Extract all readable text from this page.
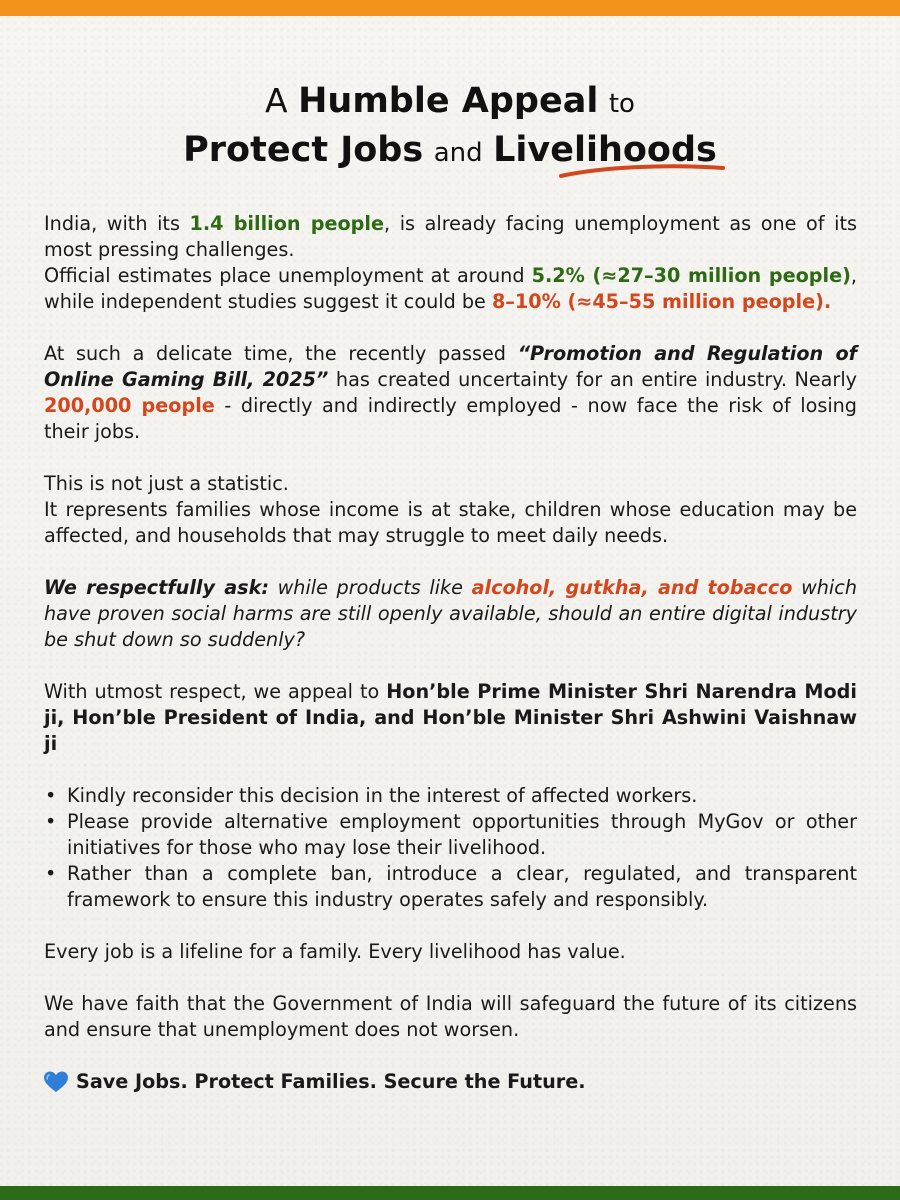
A Humble Appeal to
Protect Jobs and Livelihoods

India, with its 1.4 billion people, is already facing unemployment as one of its most pressing challenges.

Official estimates place unemployment at around 5.2% (≈27–30 million people), while independent studies suggest it could be 8–10% (≈45–55 million people).

At such a delicate time, the recently passed “Promotion and Regulation of Online Gaming Bill, 2025” has created uncertainty for an entire industry. Nearly 200,000 people - directly and indirectly employed - now face the risk of losing their jobs.

This is not just a statistic.

It represents families whose income is at stake, children whose education may be affected, and households that may struggle to meet daily needs.

We respectfully ask: while products like alcohol, gutkha, and tobacco which have proven social harms are still openly available, should an entire digital industry be shut down so suddenly?

With utmost respect, we appeal to Hon’ble Prime Minister Shri Narendra Modi ji, Hon’ble President of India, and Hon’ble Minister Shri Ashwini Vaishnaw ji

• Kindly reconsider this decision in the interest of affected workers.
• Please provide alternative employment opportunities through MyGov or other initiatives for those who may lose their livelihood.
• Rather than a complete ban, introduce a clear, regulated, and transparent framework to ensure this industry operates safely and responsibly.

Every job is a lifeline for a family. Every livelihood has value.

We have faith that the Government of India will safeguard the future of its citizens and ensure that unemployment does not worsen.

Save Jobs. Protect Families. Secure the Future.
